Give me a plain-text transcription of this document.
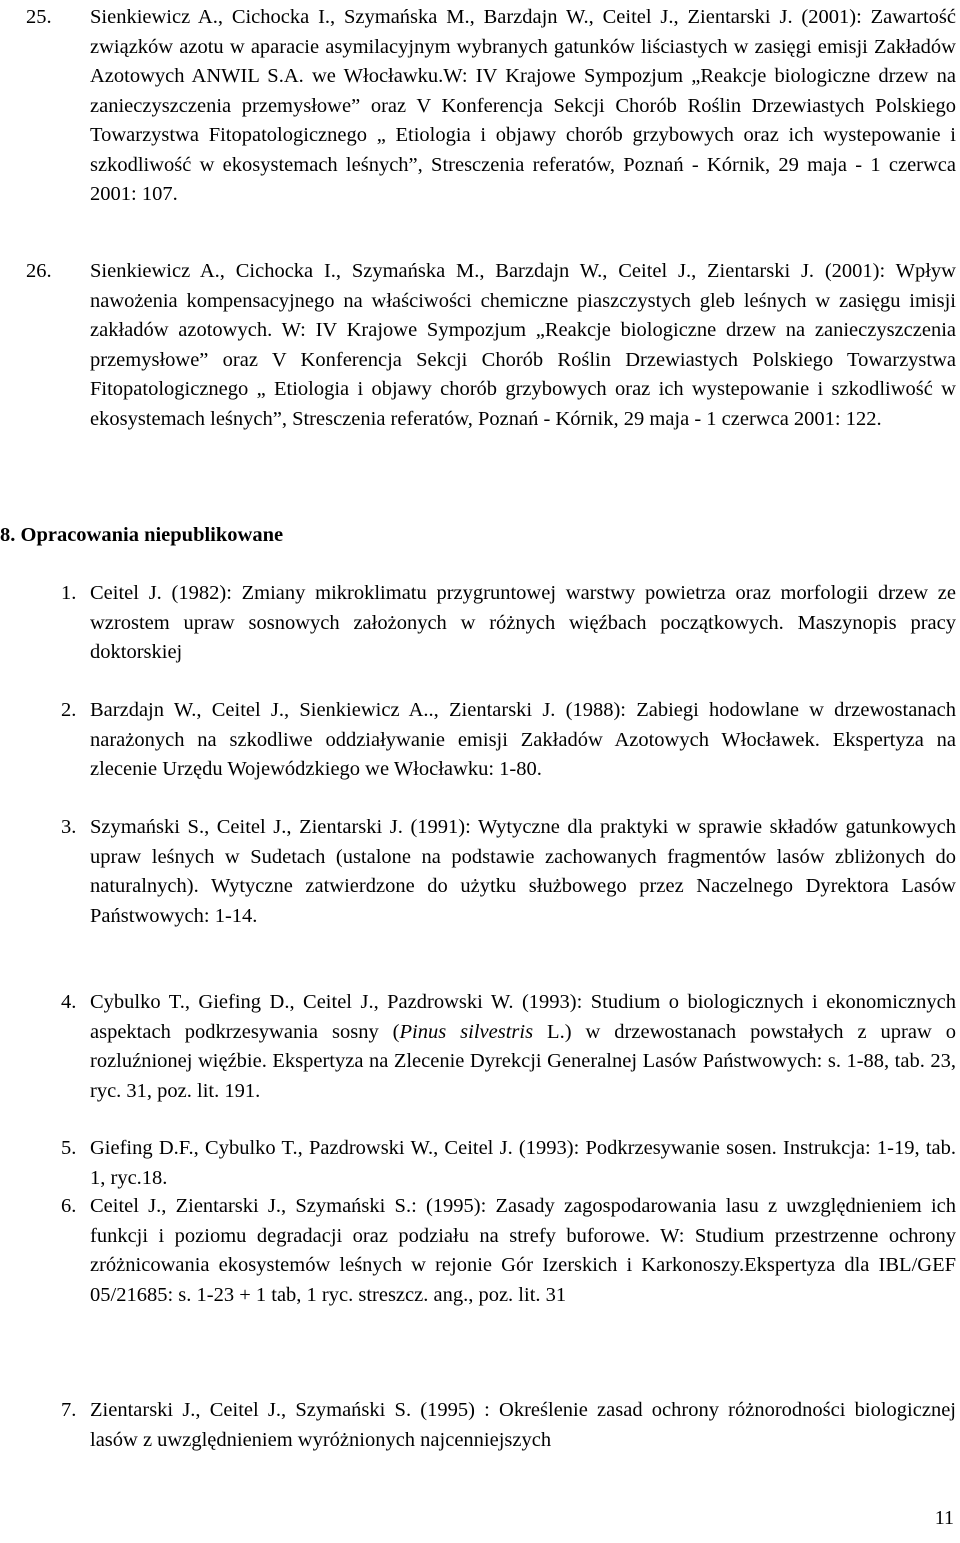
25.	Sienkiewicz A., Cichocka I., Szymańska M., Barzdajn W., Ceitel J., Zientarski J. (2001): Zawartość związków azotu w aparacie asymilacyjnym wybranych gatunków liściastych w zasięgi emisji Zakładów Azotowych ANWIL S.A. we Włocławku.W: IV Krajowe Sympozjum „Reakcje biologiczne drzew na zanieczyszczenia przemysłowe” oraz V Konferencja Sekcji Chorób Roślin Drzewiastych Polskiego Towarzystwa Fitopatologicznego „ Etiologia i objawy chorób grzybowych oraz ich wystepowanie i szkodliwość w ekosystemach leśnych”, Stresczenia referatów, Poznań - Kórnik, 29 maja - 1 czerwca 2001: 107.

26.	Sienkiewicz A., Cichocka I., Szymańska M., Barzdajn W., Ceitel J., Zientarski J. (2001): Wpływ nawożenia kompensacyjnego na właściwości chemiczne piaszczystych gleb leśnych w zasięgu imisji zakładów azotowych. W: IV Krajowe Sympozjum „Reakcje biologiczne drzew na zanieczyszczenia przemysłowe” oraz V Konferencja Sekcji Chorób Roślin Drzewiastych Polskiego Towarzystwa Fitopatologicznego „ Etiologia i objawy chorób grzybowych oraz ich wystepowanie i szkodliwość w ekosystemach leśnych”, Stresczenia referatów, Poznań - Kórnik, 29 maja - 1 czerwca 2001: 122.

8. Opracowania niepublikowane

1. Ceitel J. (1982): Zmiany mikroklimatu przygruntowej warstwy powietrza oraz morfologii drzew ze wzrostem upraw sosnowych założonych w różnych więźbach początkowych. Maszynopis pracy doktorskiej

2. Barzdajn W., Ceitel J., Sienkiewicz A.., Zientarski J. (1988): Zabiegi hodowlane w drzewostanach narażonych na szkodliwe oddziaływanie emisji Zakładów Azotowych Włocławek. Ekspertyza na zlecenie Urzędu Wojewódzkiego we Włocławku: 1-80.

3. Szymański S., Ceitel J., Zientarski J. (1991): Wytyczne dla praktyki w sprawie składów gatunkowych upraw leśnych w Sudetach (ustalone na podstawie zachowanych fragmentów lasów zbliżonych do naturalnych). Wytyczne zatwierdzone do użytku służbowego przez Naczelnego Dyrektora Lasów Państwowych: 1-14.

4. Cybulko T., Giefing D., Ceitel J., Pazdrowski W. (1993): Studium o biologicznych i ekonomicznych aspektach podkrzesywania sosny (Pinus silvestris L.) w drzewostanach powstałych z upraw o rozluźnionej więźbie. Ekspertyza na Zlecenie Dyrekcji Generalnej Lasów Państwowych: s. 1-88, tab. 23, ryc. 31, poz. lit. 191.

5. Giefing D.F., Cybulko T., Pazdrowski W., Ceitel J. (1993): Podkrzesywanie sosen. Instrukcja: 1-19, tab. 1, ryc.18.

6. Ceitel J., Zientarski J., Szymański S.: (1995): Zasady zagospodarowania lasu z uwzględnieniem ich funkcji i poziomu degradacji oraz podziału na strefy buforowe. W: Studium przestrzenne ochrony zróżnicowania ekosystemów leśnych w rejonie Gór Izerskich i Karkonoszy.Ekspertyza dla IBL/GEF 05/21685: s. 1-23 + 1 tab, 1 ryc. streszcz. ang., poz. lit. 31

7. Zientarski J., Ceitel J., Szymański S. (1995) : Określenie zasad ochrony różnorodności biologicznej lasów z uwzględnieniem wyróżnionych najcenniejszych

11
